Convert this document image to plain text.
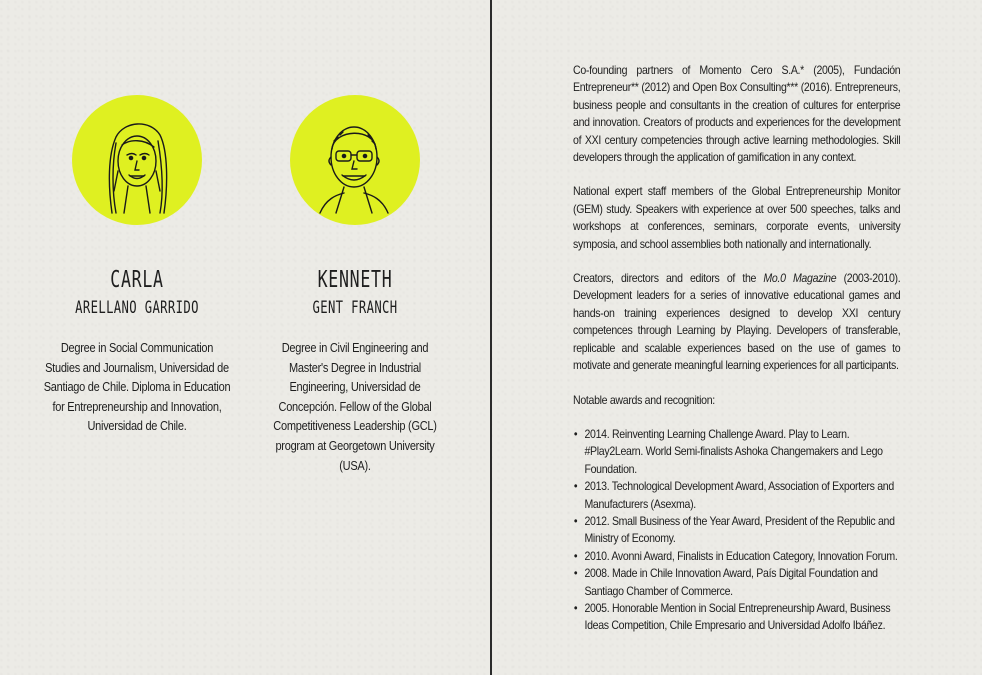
CARLA
ARELLANO GARRIDO
Degree in Social Communication Studies and Journalism, Universidad de Santiago de Chile. Diploma in Education for Entrepreneurship and Innovation, Universidad de Chile.
KENNETH
GENT FRANCH
Degree in Civil Engineering and Master's Degree in Industrial Engineering, Universidad de Concepción. Fellow of the Global Competitiveness Leadership (GCL) program at Georgetown University (USA).

Co-founding partners of Momento Cero S.A.* (2005), Fundación Entrepreneur** (2012) and Open Box Consulting*** (2016). Entrepreneurs, business people and consultants in the creation of cultures for enterprise and innovation. Creators of products and experiences for the development of XXI century competencies through active learning methodologies. Skill developers through the application of gamification in any context.

National expert staff members of the Global Entrepreneurship Monitor (GEM) study. Speakers with experience at over 500 speeches, talks and workshops at conferences, seminars, corporate events, university symposia, and school assemblies both nationally and internationally.

Creators, directors and editors of the Mo.0 Magazine (2003-2010). Development leaders for a series of innovative educational games and hands-on training experiences designed to develop XXI century competences through Learning by Playing. Developers of transferable, replicable and scalable experiences based on the use of games to motivate and generate meaningful learning experiences for all participants.

Notable awards and recognition:

• 2014. Reinventing Learning Challenge Award. Play to Learn. #Play2Learn. World Semi-finalists Ashoka Changemakers and Lego Foundation.
• 2013. Technological Development Award, Association of Exporters and Manufacturers (Asexma).
• 2012. Small Business of the Year Award, President of the Republic and Ministry of Economy.
• 2010. Avonni Award, Finalists in Education Category, Innovation Forum.
• 2008. Made in Chile Innovation Award, País Digital Foundation and Santiago Chamber of Commerce.
• 2005. Honorable Mention in Social Entrepreneurship Award, Business Ideas Competition, Chile Empresario and Universidad Adolfo Ibáñez.
